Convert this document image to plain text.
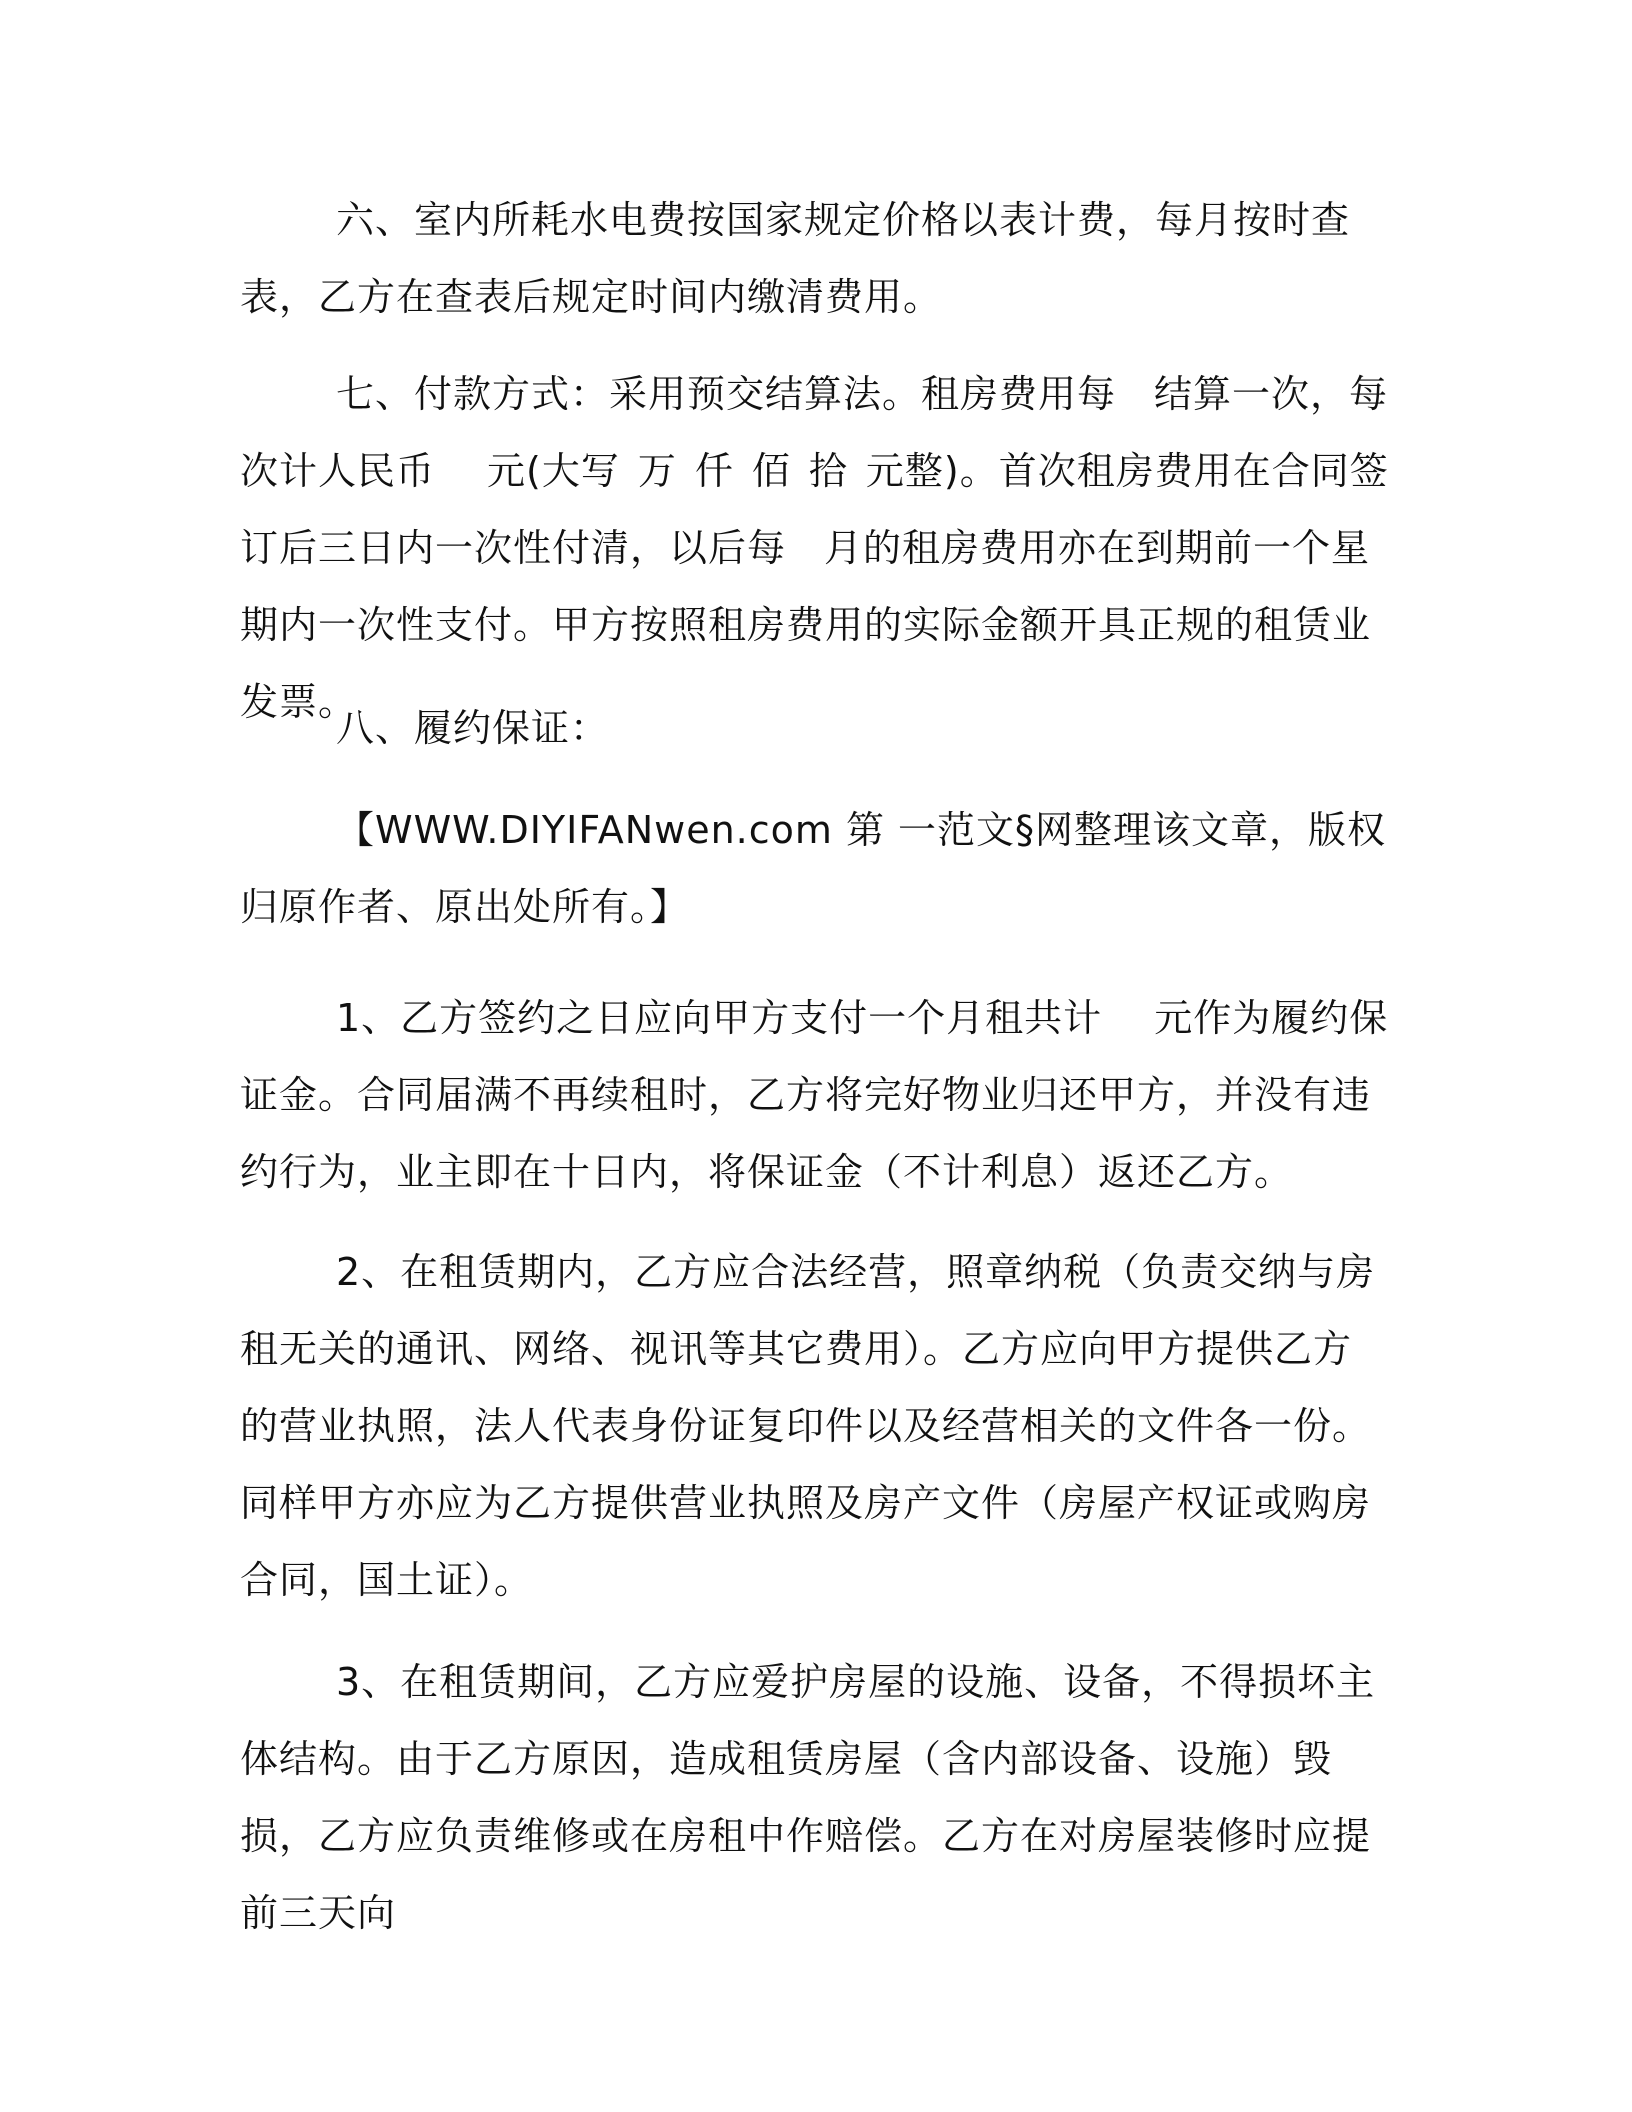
六、室内所耗水电费按国家规定价格以表计费，每月按时查表，乙方在查表后规定时间内缴清费用。

七、付款方式：采用预交结算法。租房费用每 结算一次，每次计人民币 元(大写 万 仟 佰 拾 元整)。首次租房费用在合同签订后三日内一次性付清，以后每 月的租房费用亦在到期前一个星期内一次性支付。甲方按照租房费用的实际金额开具正规的租赁业发票。

八、履约保证：

【WWW.DIYIFANwen.com 第 一范文§网整理该文章，版权归原作者、原出处所有。】

1、乙方签约之日应向甲方支付一个月租共计 元作为履约保证金。合同届满不再续租时，乙方将完好物业归还甲方，并没有违约行为，业主即在十日内，将保证金（不计利息）返还乙方。

2、在租赁期内，乙方应合法经营，照章纳税（负责交纳与房租无关的通讯、网络、视讯等其它费用）。乙方应向甲方提供乙方的营业执照，法人代表身份证复印件以及经营相关的文件各一份。同样甲方亦应为乙方提供营业执照及房产文件（房屋产权证或购房合同，国土证）。

3、在租赁期间，乙方应爱护房屋的设施、设备，不得损坏主体结构。由于乙方原因，造成租赁房屋（含内部设备、设施）毁损，乙方应负责维修或在房租中作赔偿。乙方在对房屋装修时应提前三天向
